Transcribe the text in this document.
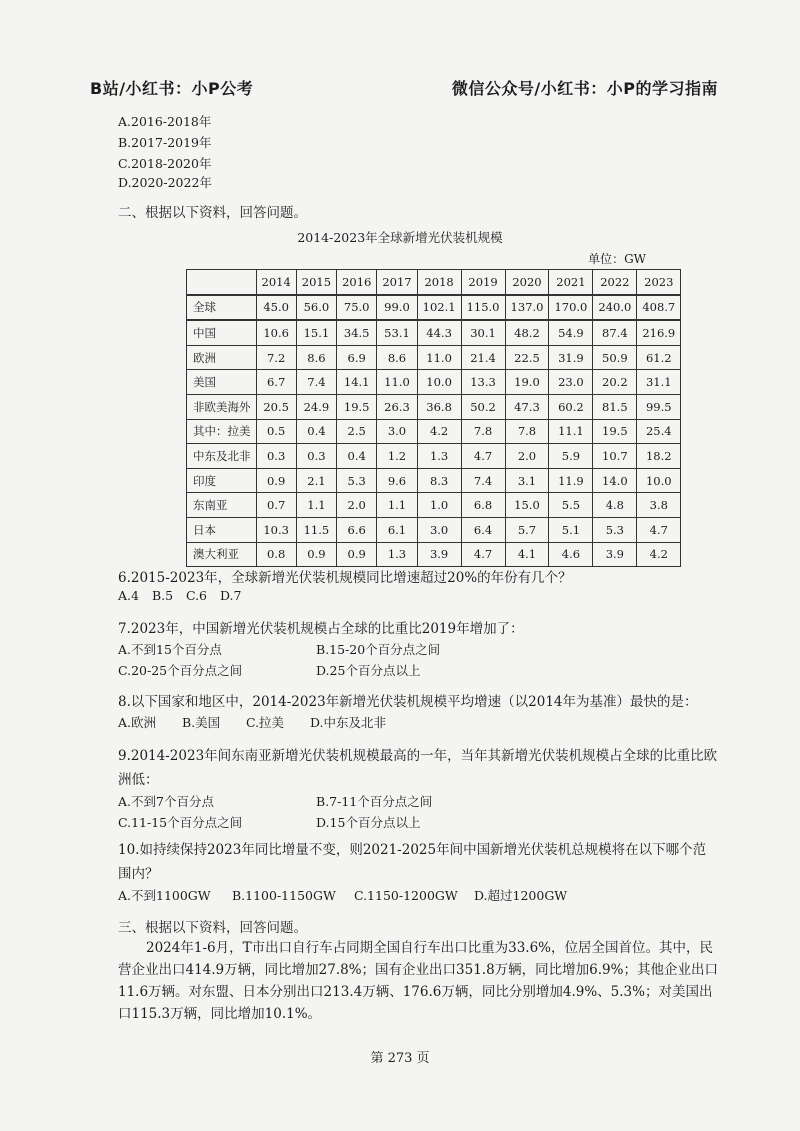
B站/小红书：小P公考	微信公众号/小红书：小P的学习指南
A.2016-2018年
B.2017-2019年
C.2018-2020年
D.2020-2022年
二、根据以下资料，回答问题。
2014-2023年全球新增光伏装机规模
单位：GW
	2014	2015	2016	2017	2018	2019	2020	2021	2022	2023
全球	45.0	56.0	75.0	99.0	102.1	115.0	137.0	170.0	240.0	408.7
中国	10.6	15.1	34.5	53.1	44.3	30.1	48.2	54.9	87.4	216.9
欧洲	7.2	8.6	6.9	8.6	11.0	21.4	22.5	31.9	50.9	61.2
美国	6.7	7.4	14.1	11.0	10.0	13.3	19.0	23.0	20.2	31.1
非欧美海外	20.5	24.9	19.5	26.3	36.8	50.2	47.3	60.2	81.5	99.5
其中：拉美	0.5	0.4	2.5	3.0	4.2	7.8	7.8	11.1	19.5	25.4
中东及北非	0.3	0.3	0.4	1.2	1.3	4.7	2.0	5.9	10.7	18.2
印度	0.9	2.1	5.3	9.6	8.3	7.4	3.1	11.9	14.0	10.0
东南亚	0.7	1.1	2.0	1.1	1.0	6.8	15.0	5.5	4.8	3.8
日本	10.3	11.5	6.6	6.1	3.0	6.4	5.7	5.1	5.3	4.7
澳大利亚	0.8	0.9	0.9	1.3	3.9	4.7	4.1	4.6	3.9	4.2
6.2015-2023年，全球新增光伏装机规模同比增速超过20%的年份有几个？
A.4 B.5 C.6 D.7
7.2023年，中国新增光伏装机规模占全球的比重比2019年增加了：
A.不到15个百分点	B.15-20个百分点之间
C.20-25个百分点之间	D.25个百分点以上
8.以下国家和地区中，2014-2023年新增光伏装机规模平均增速（以2014年为基准）最快的是：
A.欧洲 B.美国 C.拉美 D.中东及北非
9.2014-2023年间东南亚新增光伏装机规模最高的一年，当年其新增光伏装机规模占全球的比重比欧洲低：
A.不到7个百分点	B.7-11个百分点之间
C.11-15个百分点之间	D.15个百分点以上
10.如持续保持2023年同比增量不变，则2021-2025年间中国新增光伏装机总规模将在以下哪个范围内？
A.不到1100GW B.1100-1150GW C.1150-1200GW D.超过1200GW
三、根据以下资料，回答问题。
2024年1-6月，T市出口自行车占同期全国自行车出口比重为33.6%，位居全国首位。其中，民营企业出口414.9万辆，同比增加27.8%；国有企业出口351.8万辆，同比增加6.9%；其他企业出口11.6万辆。对东盟、日本分别出口213.4万辆、176.6万辆，同比分别增加4.9%、5.3%；对美国出口115.3万辆，同比增加10.1%。
第 273 页
